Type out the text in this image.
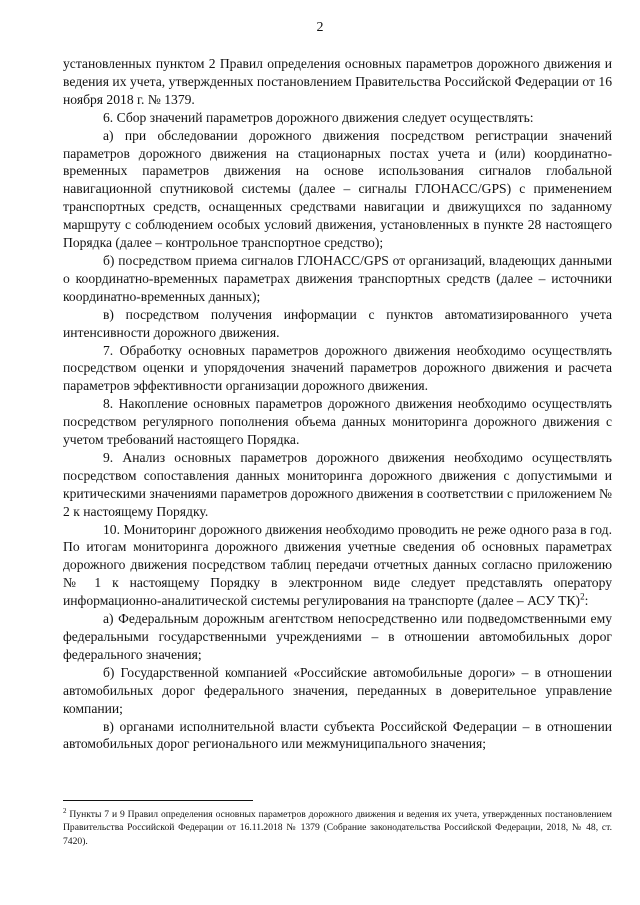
2

установленных пунктом 2 Правил определения основных параметров дорожного движения и ведения их учета, утвержденных постановлением Правительства Российской Федерации от 16 ноября 2018 г. № 1379.

6. Сбор значений параметров дорожного движения следует осуществлять:

а) при обследовании дорожного движения посредством регистрации значений параметров дорожного движения на стационарных постах учета и (или) координатно-временных параметров движения на основе использования сигналов глобальной навигационной спутниковой системы (далее – сигналы ГЛОНАСС/GPS) с применением транспортных средств, оснащенных средствами навигации и движущихся по заданному маршруту с соблюдением особых условий движения, установленных в пункте 28 настоящего Порядка (далее – контрольное транспортное средство);

б) посредством приема сигналов ГЛОНАСС/GPS от организаций, владеющих данными о координатно-временных параметрах движения транспортных средств (далее – источники координатно-временных данных);

в) посредством получения информации с пунктов автоматизированного учета интенсивности дорожного движения.

7. Обработку основных параметров дорожного движения необходимо осуществлять посредством оценки и упорядочения значений параметров дорожного движения и расчета параметров эффективности организации дорожного движения.

8. Накопление основных параметров дорожного движения необходимо осуществлять посредством регулярного пополнения объема данных мониторинга дорожного движения с учетом требований настоящего Порядка.

9. Анализ основных параметров дорожного движения необходимо осуществлять посредством сопоставления данных мониторинга дорожного движения с допустимыми и критическими значениями параметров дорожного движения в соответствии с приложением № 2 к настоящему Порядку.

10. Мониторинг дорожного движения необходимо проводить не реже одного раза в год. По итогам мониторинга дорожного движения учетные сведения об основных параметрах дорожного движения посредством таблиц передачи отчетных данных согласно приложению № 1 к настоящему Порядку в электронном виде следует представлять оператору информационно-аналитической системы регулирования на транспорте (далее – АСУ ТК)$^2$:

а) Федеральным дорожным агентством непосредственно или подведомственными ему федеральными государственными учреждениями – в отношении автомобильных дорог федерального значения;

б) Государственной компанией «Российские автомобильные дороги» – в отношении автомобильных дорог федерального значения, переданных в доверительное управление компании;

в) органами исполнительной власти субъекта Российской Федерации – в отношении автомобильных дорог регионального или межмуниципального значения;

$^2$ Пункты 7 и 9 Правил определения основных параметров дорожного движения и ведения их учета, утвержденных постановлением Правительства Российской Федерации от 16.11.2018 № 1379 (Собрание законодательства Российской Федерации, 2018, № 48, ст. 7420).
